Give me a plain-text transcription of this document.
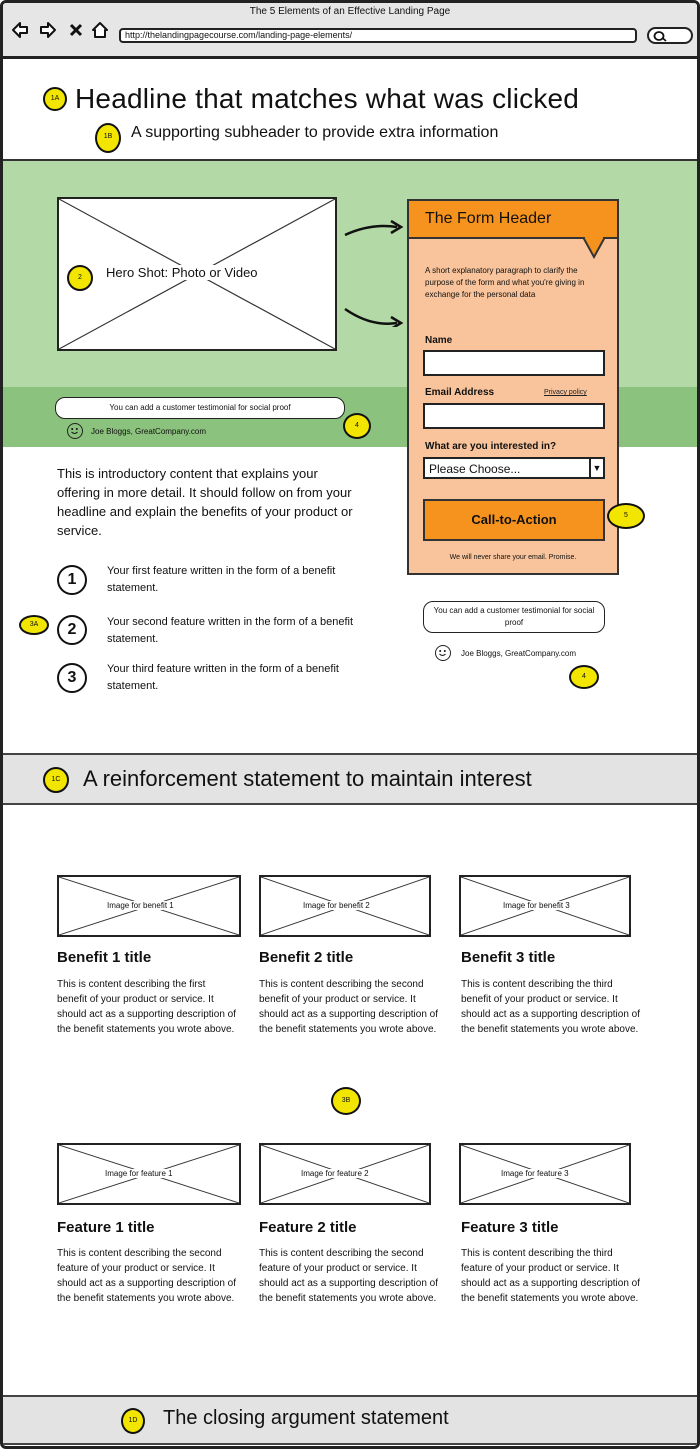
The 5 Elements of an Effective Landing Page
http://thelandingpagecourse.com/landing-page-elements/
1A Headline that matches what was clicked
1B	A supporting subheader to provide extra information
Hero Shot: Photo or Video
2
You can add a customer testimonial for social proof
Joe Bloggs, GreatCompany.com
4
The Form Header
A short explanatory paragraph to clarify the purpose of the form and what you're giving in exchange for the personal data
Name
Email Address	Privacy policy
What are you interested in?
Please Choose...	▼
Call-to-Action
We will never share your email. Promise.
5
This is introductory content that explains your offering in more detail. It should follow on from your headline and explain the benefits of your product or service.
1	Your first feature written in the form of a benefit statement.
3A	2	Your second feature written in the form of a benefit statement.
3	Your third feature written in the form of a benefit statement.
You can add a customer testimonial for social proof
Joe Bloggs, GreatCompany.com
4
1C	A reinforcement statement to maintain interest
Image for benefit 1
Benefit 1 title
This is content describing the first benefit of your product or service. It should act as a supporting description of the benefit statements you wrote above.
Image for benefit 2
Benefit 2 title
This is content describing the second benefit of your product or service. It should act as a supporting description of the benefit statements you wrote above.
Image for benefit 3
Benefit 3 title
This is content describing the third benefit of your product or service. It should act as a supporting description of the benefit statements you wrote above.
3B
Image for feature 1
Feature 1 title
This is content describing the second feature of your product or service. It should act as a supporting description of the benefit statements you wrote above.
Image for feature 2
Feature 2 title
This is content describing the second feature of your product or service. It should act as a supporting description of the benefit statements you wrote above.
Image for feature 3
Feature 3 title
This is content describing the third feature of your product or service. It should act as a supporting description of the benefit statements you wrote above.
1D	The closing argument statement
